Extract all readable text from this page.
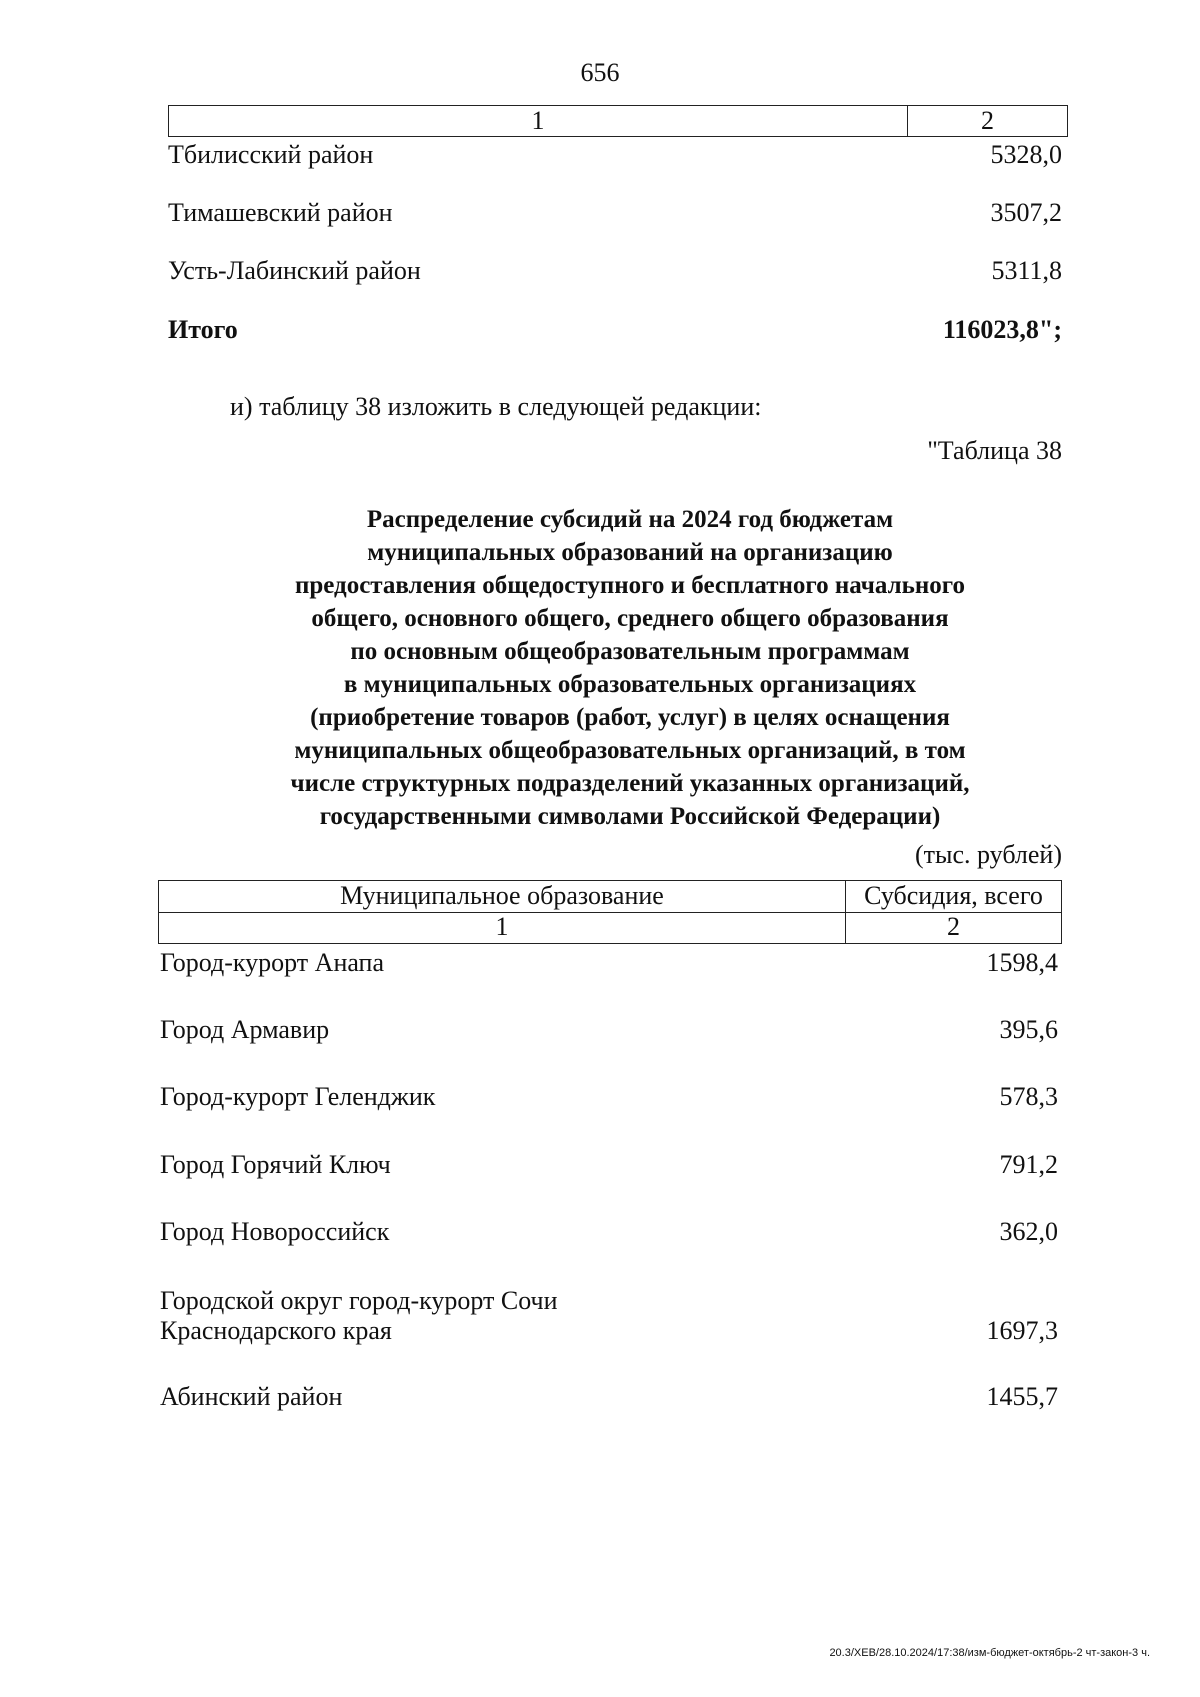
656
1	2
Тбилисский район	5328,0
Тимашевский район	3507,2
Усть-Лабинский район	5311,8
Итого	116023,8";
и) таблицу 38 изложить в следующей редакции:
"Таблица 38
Распределение субсидий на 2024 год бюджетам
муниципальных образований на организацию
предоставления общедоступного и бесплатного начального
общего, основного общего, среднего общего образования
по основным общеобразовательным программам
в муниципальных образовательных организациях
(приобретение товаров (работ, услуг) в целях оснащения
муниципальных общеобразовательных организаций, в том
числе структурных подразделений указанных организаций,
государственными символами Российской Федерации)
(тыс. рублей)
Муниципальное образование	Субсидия, всего
1	2
Город-курорт Анапа	1598,4
Город Армавир	395,6
Город-курорт Геленджик	578,3
Город Горячий Ключ	791,2
Город Новороссийск	362,0
Городской округ город-курорт Сочи
Краснодарского края	1697,3
Абинский район	1455,7
20.3/ХЕВ/28.10.2024/17:38/изм-бюджет-октябрь-2 чт-закон-3 ч.
